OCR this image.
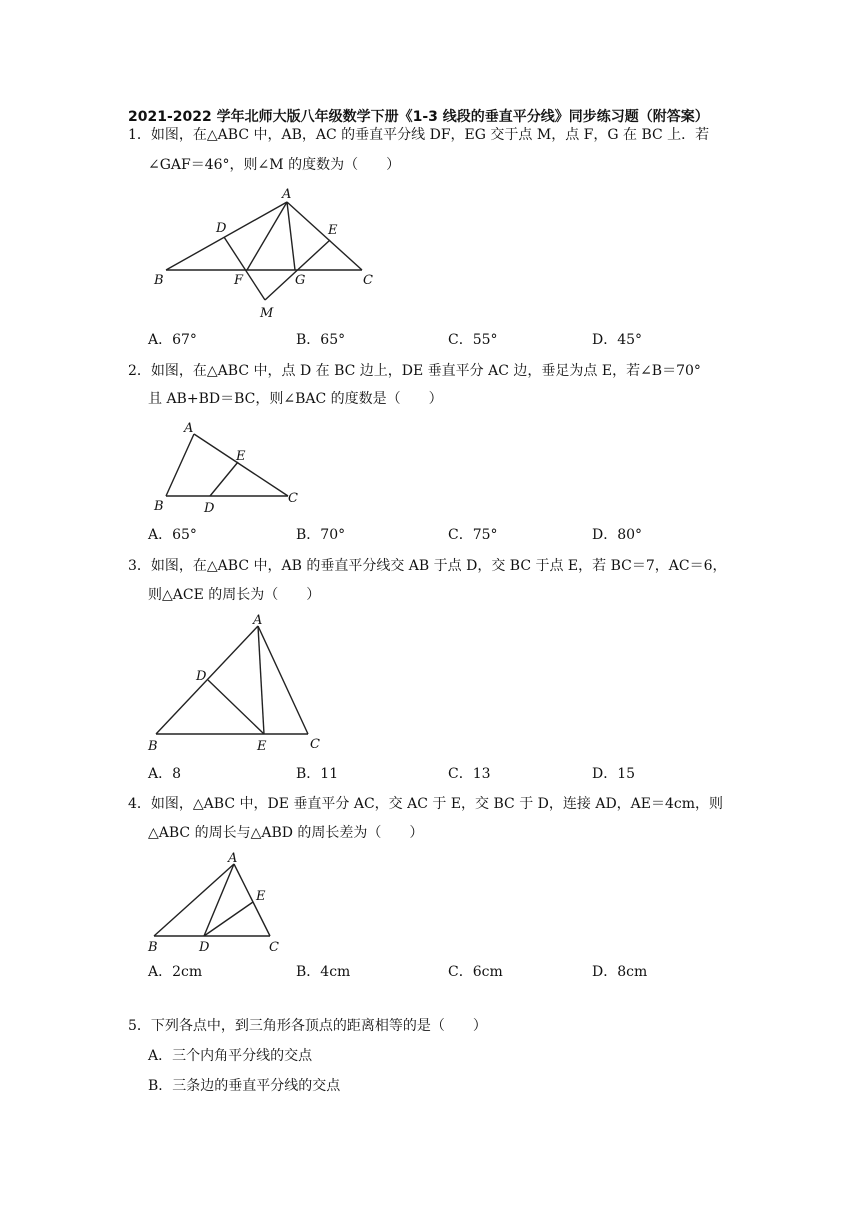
2021-2022 学年北师大版八年级数学下册《1-3 线段的垂直平分线》同步练习题（附答案）
1．如图，在△ABC 中，AB，AC 的垂直平分线 DF，EG 交于点 M，点 F，G 在 BC 上．若
∠GAF＝46°，则∠M 的度数为（　　）
A
D	E
B	F	G	C
M
A．67°	B．65°	C．55°	D．45°
2．如图，在△ABC 中，点 D 在 BC 边上，DE 垂直平分 AC 边，垂足为点 E，若∠B＝70°
且 AB+BD＝BC，则∠BAC 的度数是（　　）
A
E
B	D
C
A．65°	B．70°	C．75°	D．80°
3．如图，在△ABC 中，AB 的垂直平分线交 AB 于点 D，交 BC 于点 E，若 BC＝7，AC＝6，
则△ACE 的周长为（　　）
A
D
B	E	C
A．8	B．11	C．13	D．15
4．如图，△ABC 中，DE 垂直平分 AC，交 AC 于 E，交 BC 于 D，连接 AD，AE＝4cm，则
△ABC 的周长与△ABD 的周长差为（　　）
A
E
B	D	C
A．2cm	B．4cm	C．6cm	D．8cm
5．下列各点中，到三角形各顶点的距离相等的是（　　）
A．三个内角平分线的交点
B．三条边的垂直平分线的交点
